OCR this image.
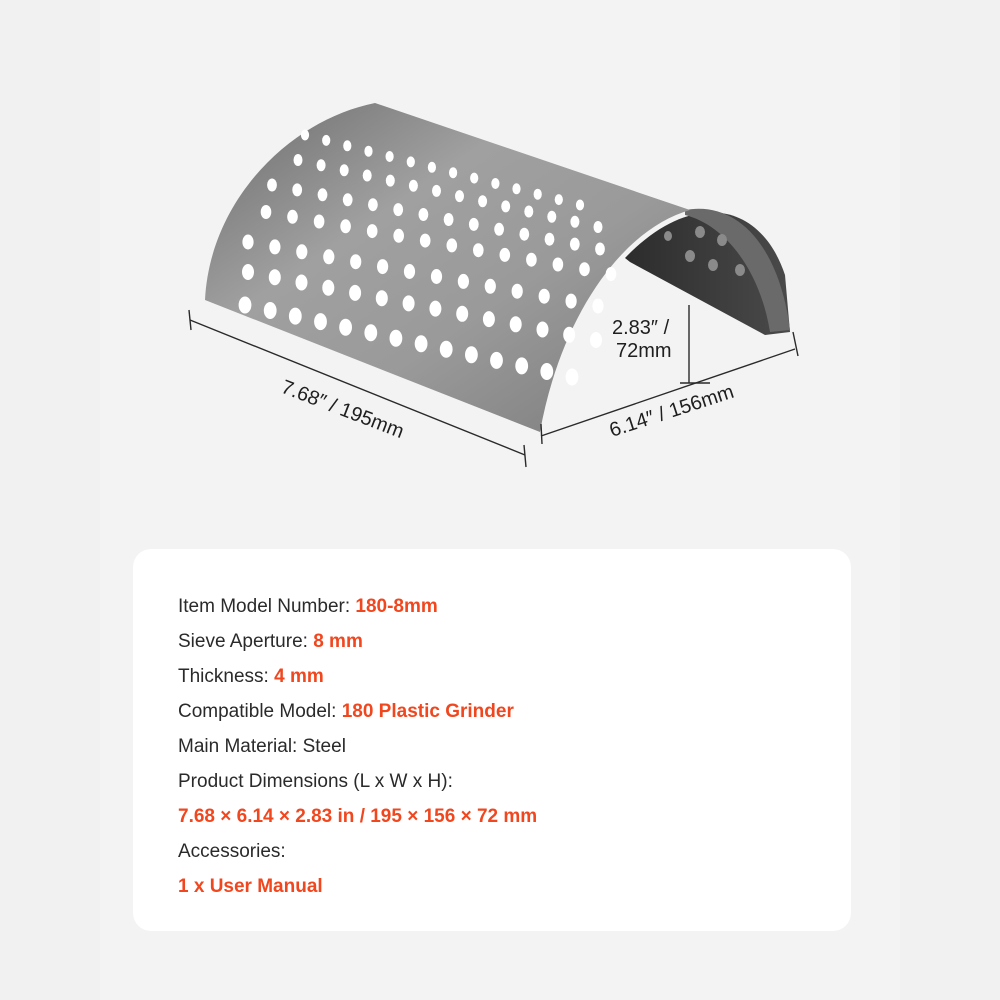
7.68″ / 195mm	6.14″ / 156mm
2.83″ /
72mm
Item Model Number: 180-8mm
Sieve Aperture: 8 mm
Thickness: 4 mm
Compatible Model: 180 Plastic Grinder
Main Material: Steel
Product Dimensions (L x W x H):
7.68 × 6.14 × 2.83 in / 195 × 156 × 72 mm
Accessories:
1 x User Manual
